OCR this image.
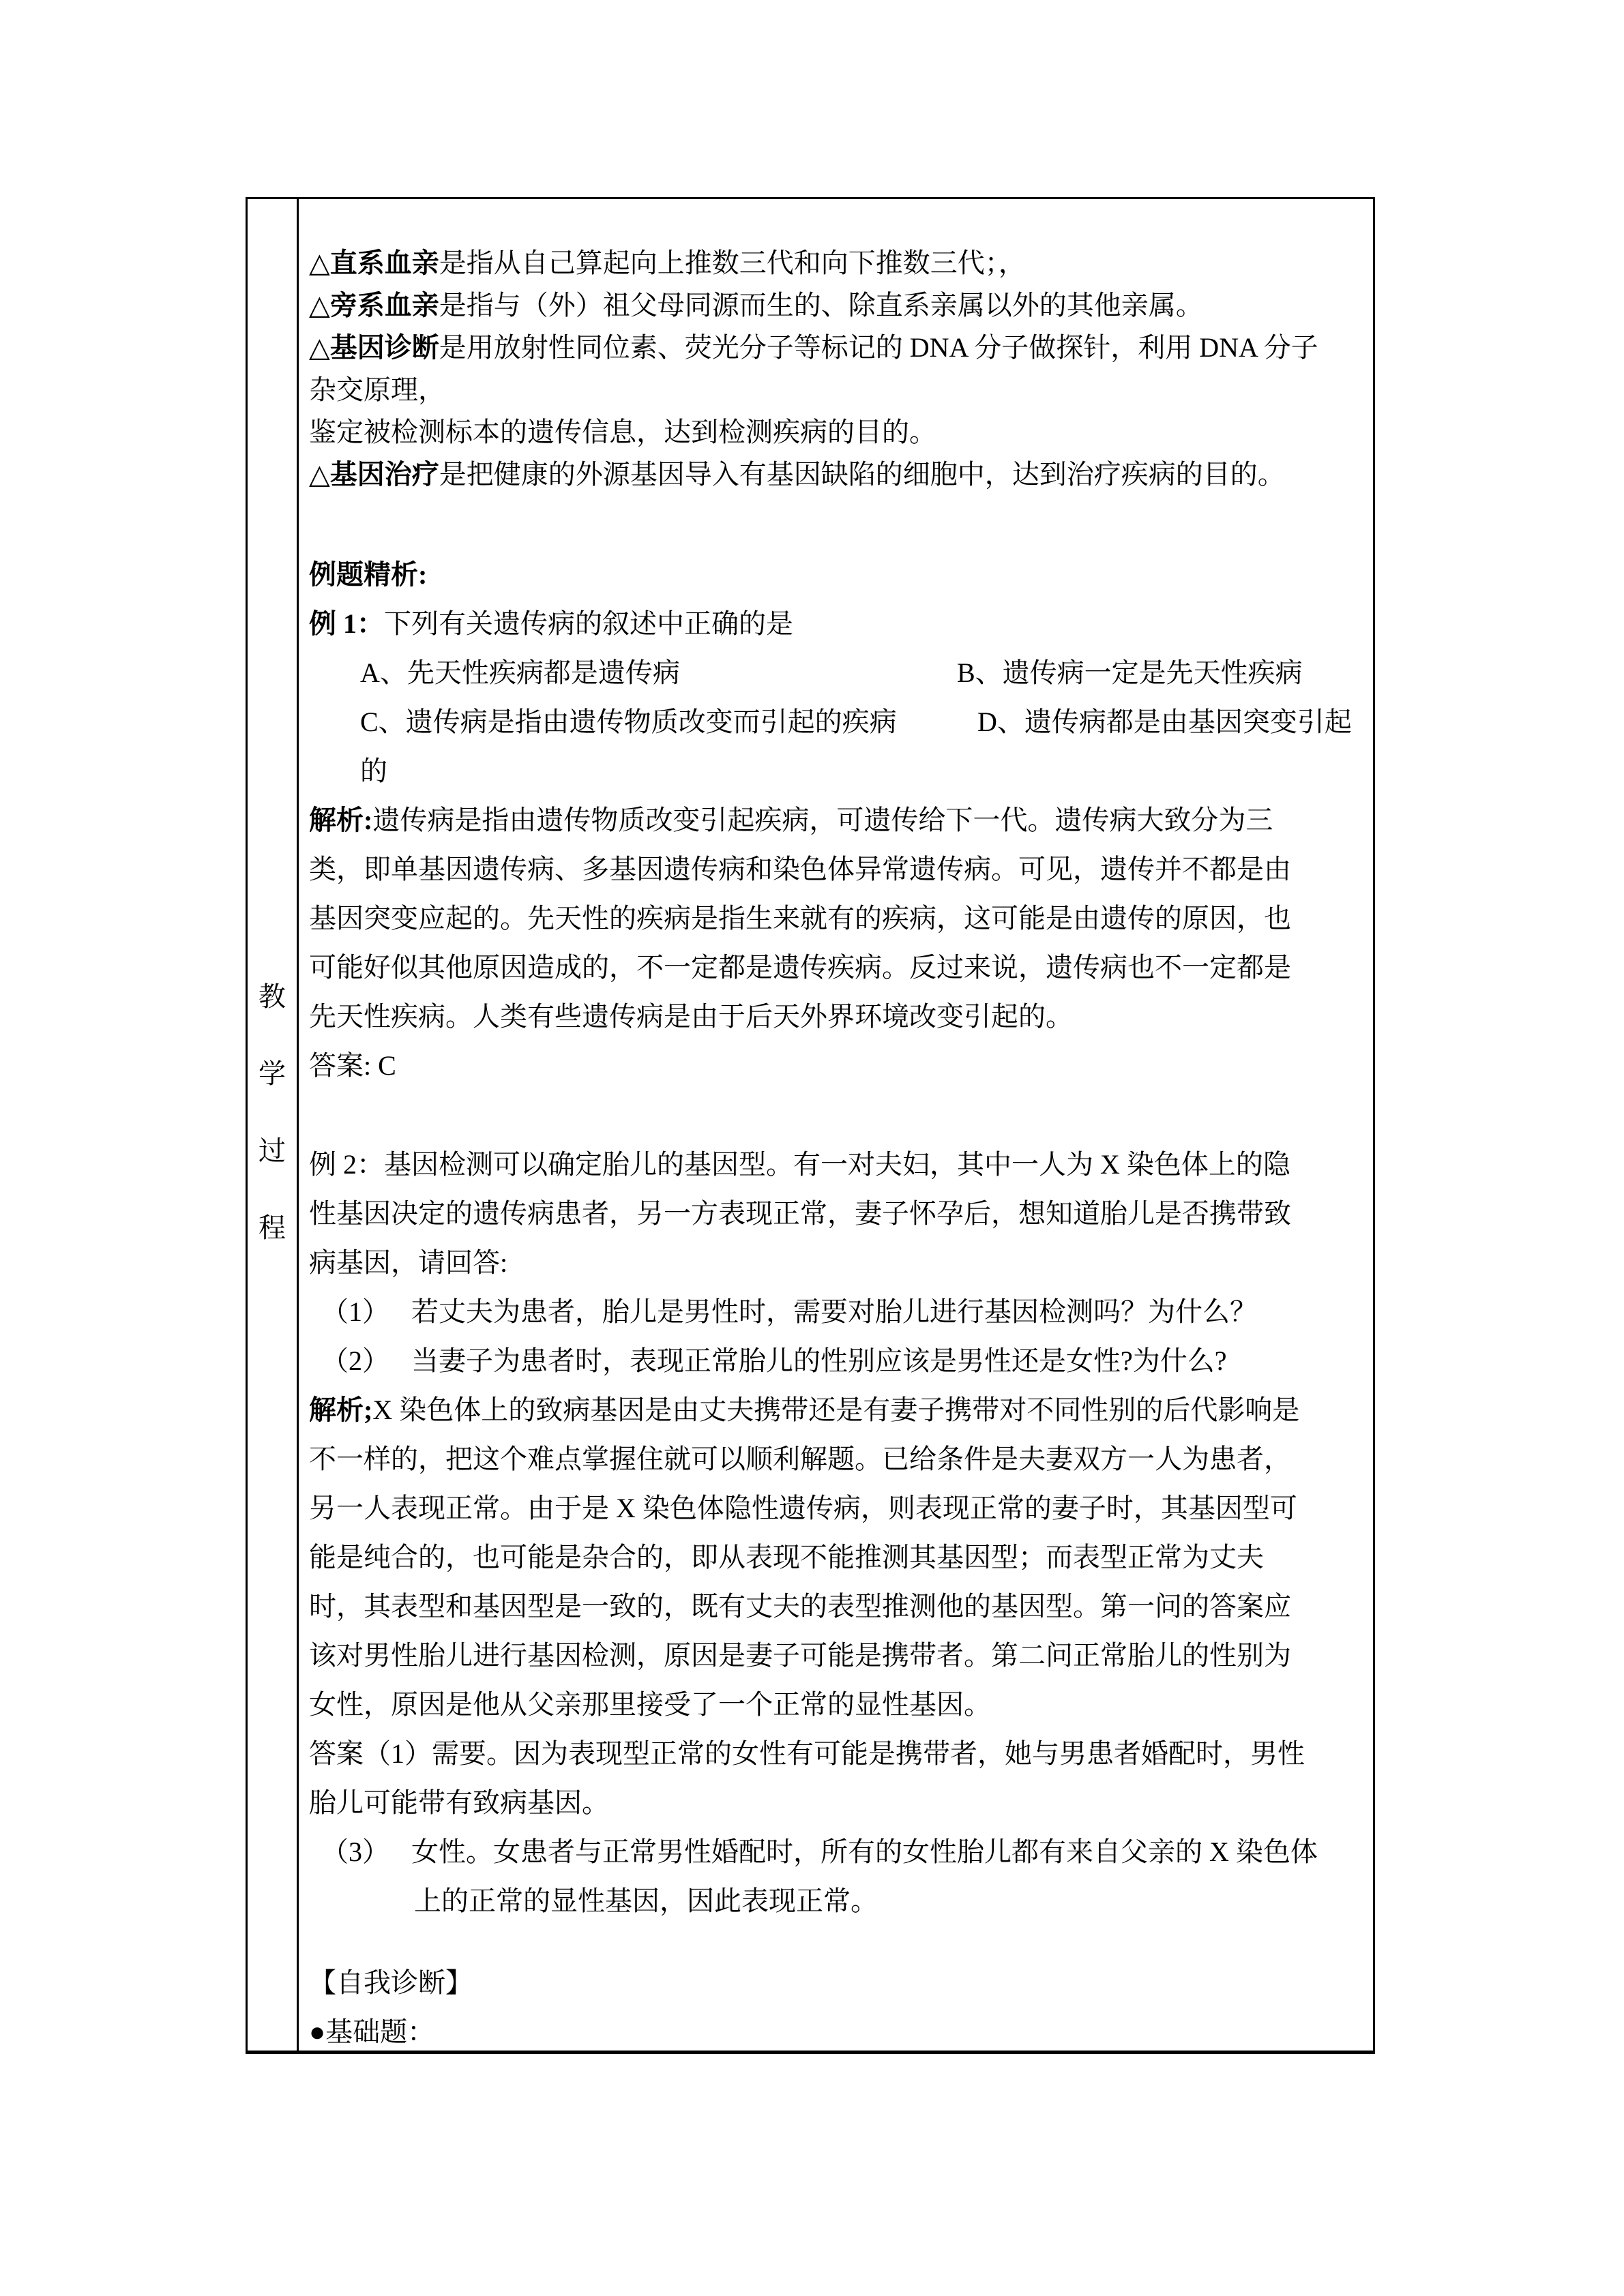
教
学
过
程
△直系血亲是指从自己算起向上推数三代和向下推数三代；，
△旁系血亲是指与（外）祖父母同源而生的、除直系亲属以外的其他亲属。
△基因诊断是用放射性同位素、荧光分子等标记的 DNA 分子做探针，利用 DNA 分子
杂交原理，
鉴定被检测标本的遗传信息，达到检测疾病的目的。
△基因治疗是把健康的外源基因导入有基因缺陷的细胞中，达到治疗疾病的目的。
例题精析:
例 1：下列有关遗传病的叙述中正确的是
A、先天性疾病都是遗传病	B、遗传病一定是先天性疾病
C、遗传病是指由遗传物质改变而引起的疾病	D、遗传病都是由基因突变引起
的
解析:遗传病是指由遗传物质改变引起疾病，可遗传给下一代。遗传病大致分为三
类，即单基因遗传病、多基因遗传病和染色体异常遗传病。可见，遗传并不都是由
基因突变应起的。先天性的疾病是指生来就有的疾病，这可能是由遗传的原因，也
可能好似其他原因造成的，不一定都是遗传疾病。反过来说，遗传病也不一定都是
先天性疾病。人类有些遗传病是由于后天外界环境改变引起的。
答案: C
例 2：基因检测可以确定胎儿的基因型。有一对夫妇，其中一人为 X 染色体上的隐
性基因决定的遗传病患者，另一方表现正常，妻子怀孕后，想知道胎儿是否携带致
病基因，请回答:
（1） 若丈夫为患者，胎儿是男性时，需要对胎儿进行基因检测吗？为什么？
（2） 当妻子为患者时，表现正常胎儿的性别应该是男性还是女性?为什么?
解析;X 染色体上的致病基因是由丈夫携带还是有妻子携带对不同性别的后代影响是
不一样的，把这个难点掌握住就可以顺利解题。已给条件是夫妻双方一人为患者，
另一人表现正常。由于是 X 染色体隐性遗传病，则表现正常的妻子时，其基因型可
能是纯合的，也可能是杂合的，即从表现不能推测其基因型；而表型正常为丈夫
时，其表型和基因型是一致的，既有丈夫的表型推测他的基因型。第一问的答案应
该对男性胎儿进行基因检测，原因是妻子可能是携带者。第二问正常胎儿的性别为
女性，原因是他从父亲那里接受了一个正常的显性基因。
答案（1）需要。因为表现型正常的女性有可能是携带者，她与男患者婚配时，男性
胎儿可能带有致病基因。
（3） 女性。女患者与正常男性婚配时，所有的女性胎儿都有来自父亲的 X 染色体
上的正常的显性基因，因此表现正常。
【自我诊断】
●基础题：
